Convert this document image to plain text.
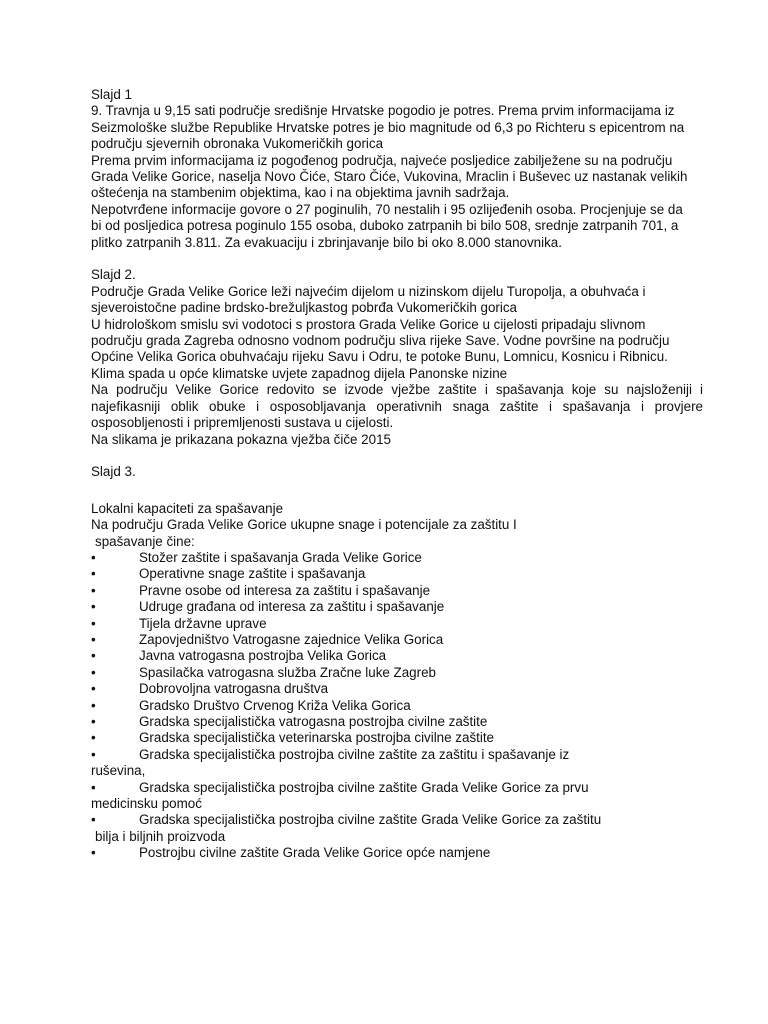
Slajd 1
9. Travnja u 9,15 sati područje središnje Hrvatske pogodio je potres. Prema prvim informacijama iz
Seizmološke službe Republike Hrvatske potres je bio magnitude od 6,3 po Richteru s epicentrom na
području sjevernih obronaka Vukomeričkih gorica
Prema prvim informacijama iz pogođenog područja, najveće posljedice zabilježene su na području
Grada Velike Gorice, naselja Novo Čiće, Staro Čiće, Vukovina, Mraclin i Buševec uz nastanak velikih
oštećenja na stambenim objektima, kao i na objektima javnih sadržaja.
Nepotvrđene informacije govore o 27 poginulih, 70 nestalih i 95 ozlijeđenih osoba. Procjenjuje se da
bi od posljedica potresa poginulo 155 osoba, duboko zatrpanih bi bilo 508, srednje zatrpanih 701, a
plitko zatrpanih 3.811. Za evakuaciju i zbrinjavanje bilo bi oko 8.000 stanovnika.
Slajd 2.
Područje Grada Velike Gorice leži najvećim dijelom u nizinskom dijelu Turopolja, a obuhvaća i
sjeveroistočne padine brdsko-brežuljkastog pobrđa Vukomeričkih gorica
U hidrološkom smislu svi vodotoci s prostora Grada Velike Gorice u cijelosti pripadaju slivnom
području grada Zagreba odnosno vodnom području sliva rijeke Save. Vodne površine na području
Općine Velika Gorica obuhvaćaju rijeku Savu i Odru, te potoke Bunu, Lomnicu, Kosnicu i Ribnicu.
Klima spada u opće klimatske uvjete zapadnog dijela Panonske nizine
Na području Velike Gorice redovito se izvode vježbe zaštite i spašavanja koje su najsloženiji i
najefikasniji oblik obuke i osposobljavanja operativnih snaga zaštite i spašavanja i provjere
osposobljenosti i pripremljenosti sustava u cijelosti.
Na slikama je prikazana pokazna vježba čiče 2015
Slajd 3.
Lokalni kapaciteti za spašavanje
Na području Grada Velike Gorice ukupne snage i potencijale za zaštitu I
spašavanje čine:
•	Stožer zaštite i spašavanja Grada Velike Gorice
•	Operativne snage zaštite i spašavanja
•	Pravne osobe od interesa za zaštitu i spašavanje
•	Udruge građana od interesa za zaštitu i spašavanje
•	Tijela državne uprave
•	Zapovjedništvo Vatrogasne zajednice Velika Gorica
•	Javna vatrogasna postrojba Velika Gorica
•	Spasilačka vatrogasna služba Zračne luke Zagreb
•	Dobrovoljna vatrogasna društva
•	Gradsko Društvo Crvenog Križa Velika Gorica
•	Gradska specijalistička vatrogasna postrojba civilne zaštite
•	Gradska specijalistička veterinarska postrojba civilne zaštite
•	Gradska specijalistička postrojba civilne zaštite za zaštitu i spašavanje iz
ruševina,
•	Gradska specijalistička postrojba civilne zaštite Grada Velike Gorice za prvu
medicinsku pomoć
•	Gradska specijalistička postrojba civilne zaštite Grada Velike Gorice za zaštitu
bilja i biljnih proizvoda
•	Postrojbu civilne zaštite Grada Velike Gorice opće namjene
